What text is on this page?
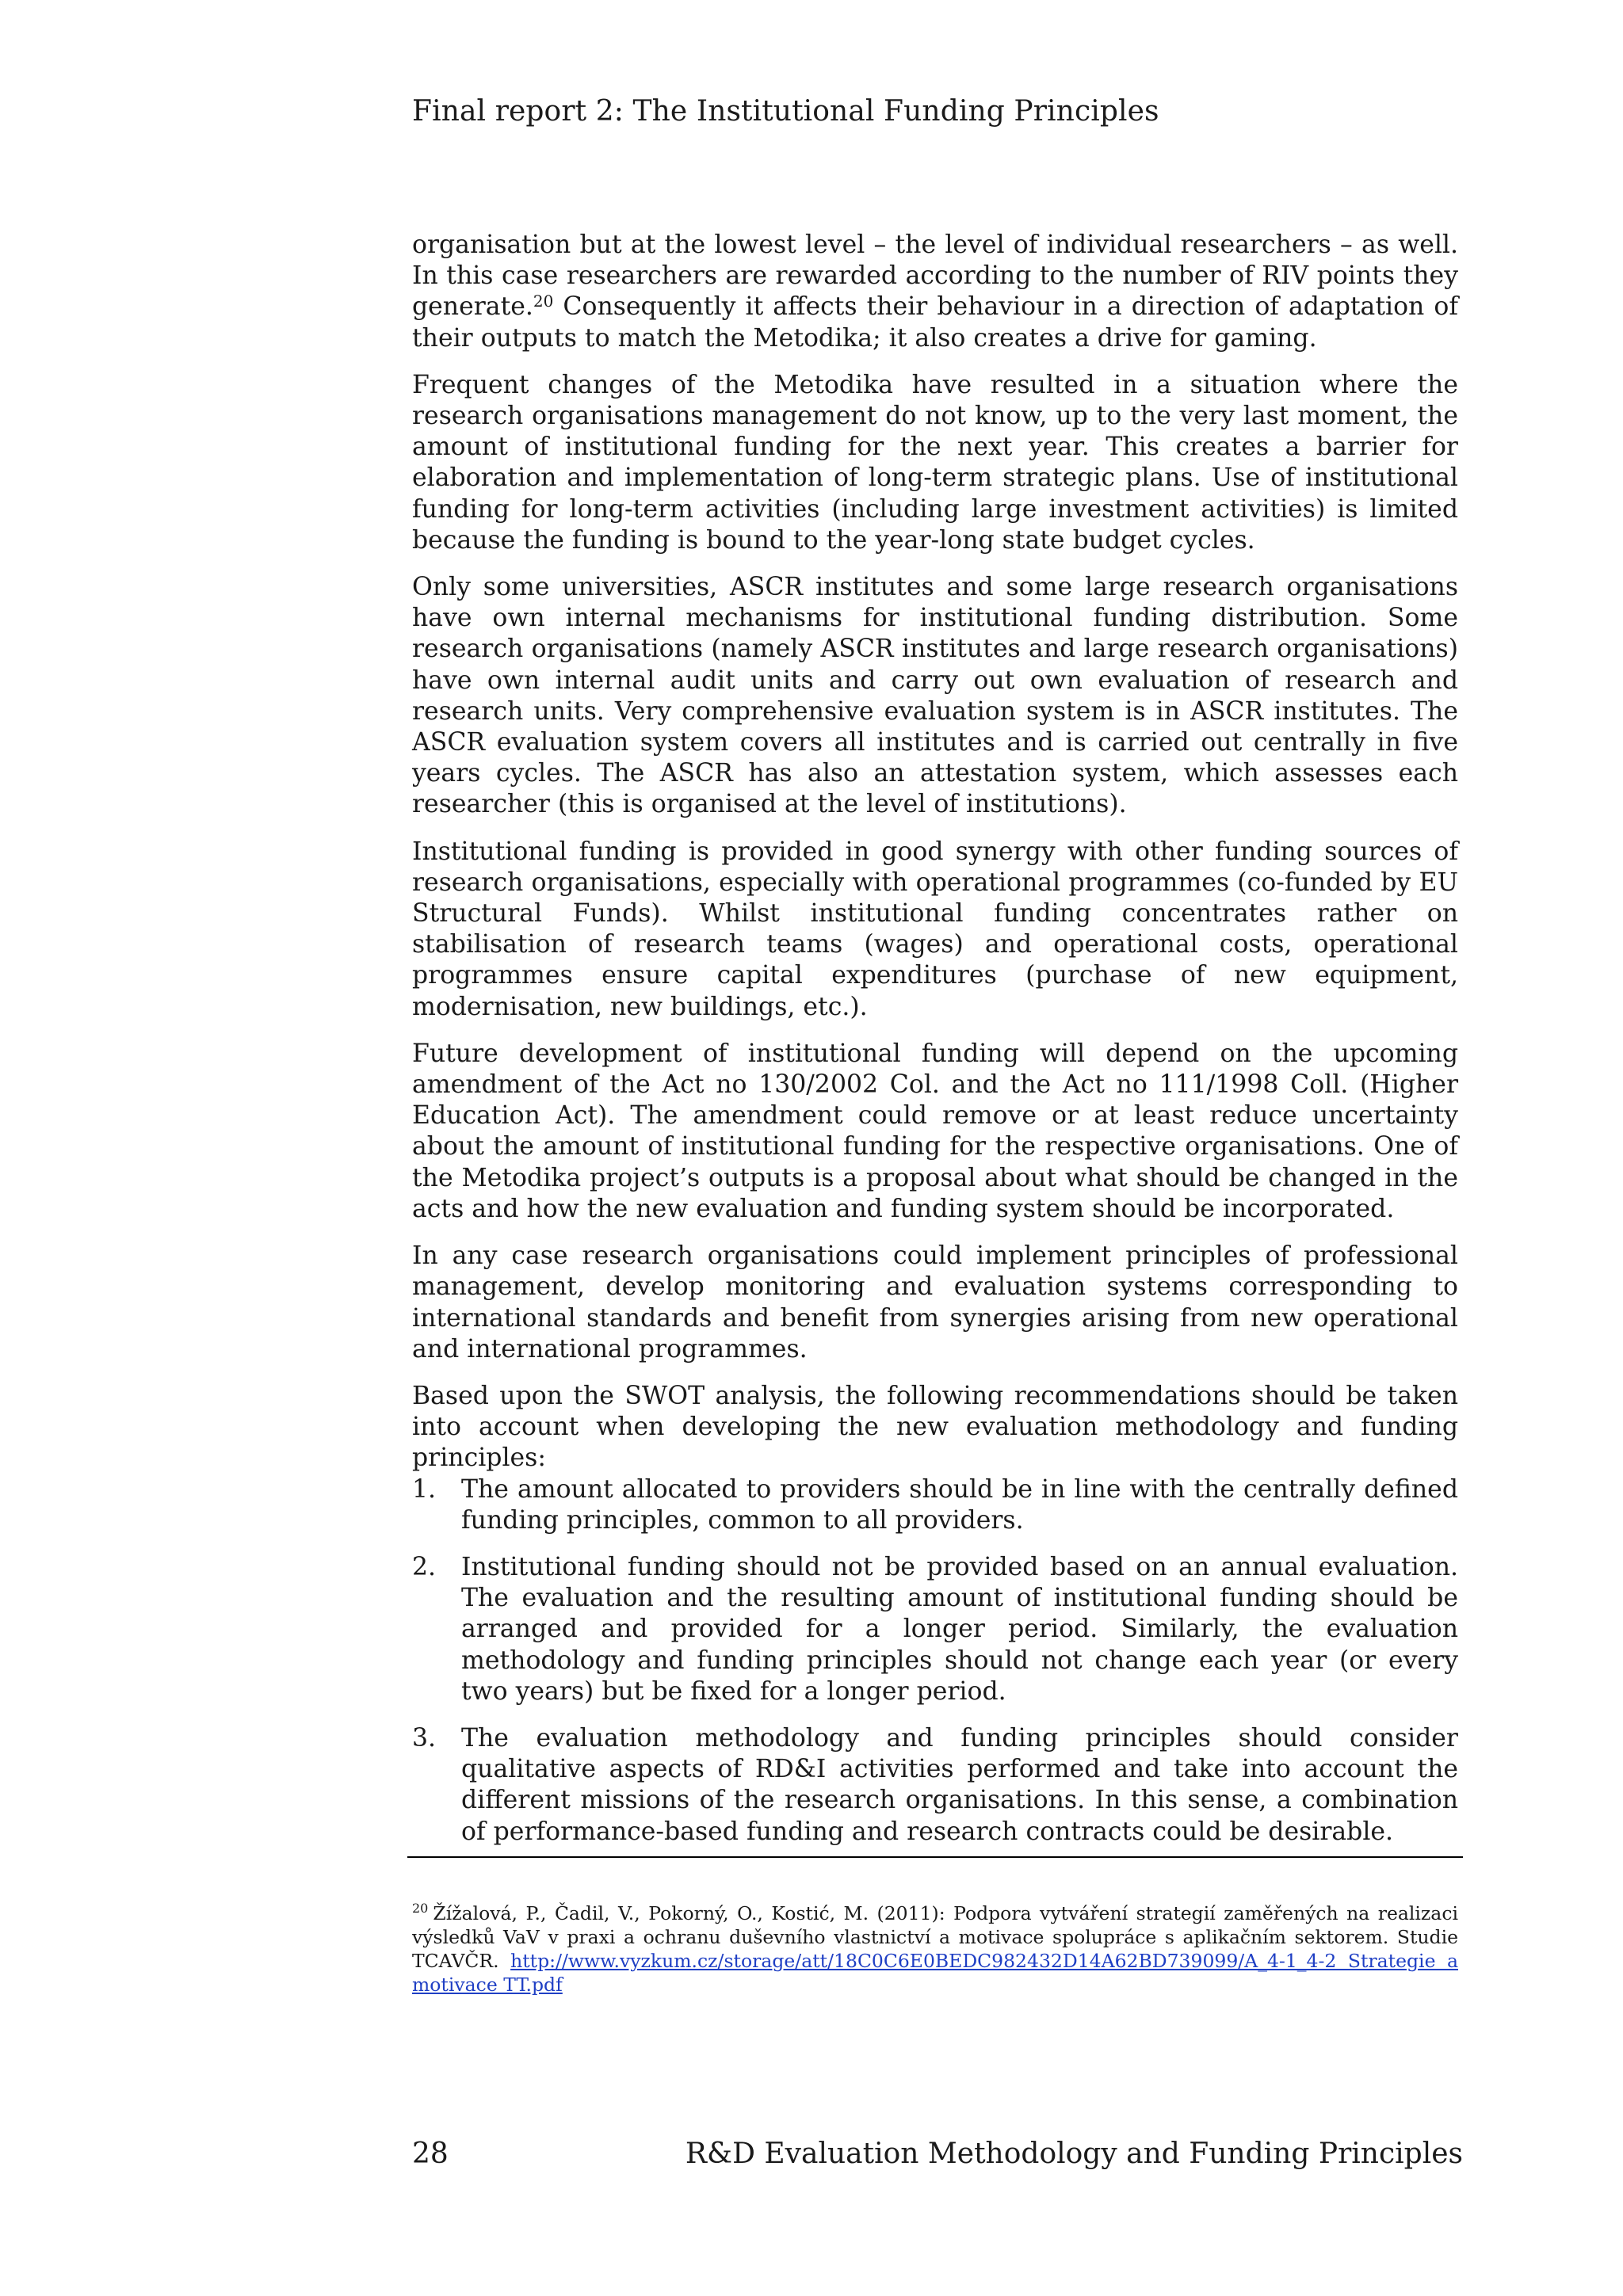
Final report 2: The Institutional Funding Principles

organisation but at the lowest level – the level of individual researchers – as well. In this case researchers are rewarded according to the number of RIV points they generate.$^{20}$ Consequently it affects their behaviour in a direction of adaptation of their outputs to match the Metodika; it also creates a drive for gaming.

Frequent changes of the Metodika have resulted in a situation where the research organisations management do not know, up to the very last moment, the amount of institutional funding for the next year. This creates a barrier for elaboration and implementation of long-term strategic plans. Use of institutional funding for long-term activities (including large investment activities) is limited because the funding is bound to the year-long state budget cycles.

Only some universities, ASCR institutes and some large research organisations have own internal mechanisms for institutional funding distribution. Some research organisations (namely ASCR institutes and large research organisations) have own internal audit units and carry out own evaluation of research and research units. Very comprehensive evaluation system is in ASCR institutes. The ASCR evaluation system covers all institutes and is carried out centrally in five years cycles. The ASCR has also an attestation system, which assesses each researcher (this is organised at the level of institutions).

Institutional funding is provided in good synergy with other funding sources of research organisations, especially with operational programmes (co-funded by EU Structural Funds). Whilst institutional funding concentrates rather on stabilisation of research teams (wages) and operational costs, operational programmes ensure capital expenditures (purchase of new equipment, modernisation, new buildings, etc.).

Future development of institutional funding will depend on the upcoming amendment of the Act no 130/2002 Col. and the Act no 111/1998 Coll. (Higher Education Act). The amendment could remove or at least reduce uncertainty about the amount of institutional funding for the respective organisations. One of the Metodika project’s outputs is a proposal about what should be changed in the acts and how the new evaluation and funding system should be incorporated.

In any case research organisations could implement principles of professional management, develop monitoring and evaluation systems corresponding to international standards and benefit from synergies arising from new operational and international programmes.

Based upon the SWOT analysis, the following recommendations should be taken into account when developing the new evaluation methodology and funding principles:

1. The amount allocated to providers should be in line with the centrally defined funding principles, common to all providers.
2. Institutional funding should not be provided based on an annual evaluation. The evaluation and the resulting amount of institutional funding should be arranged and provided for a longer period. Similarly, the evaluation methodology and funding principles should not change each year (or every two years) but be fixed for a longer period.
3. The evaluation methodology and funding principles should consider qualitative aspects of RD&I activities performed and take into account the different missions of the research organisations. In this sense, a combination of performance-based funding and research contracts could be desirable.
$^{20}$ Žížalová, P., Čadil, V., Pokorný, O., Kostić, M. (2011): Podpora vytváření strategií zaměřených na realizaci výsledků VaV v praxi a ochranu duševního vlastnictví a motivace spolupráce s aplikačním sektorem. Studie TCAVČR. http://www.vyzkum.cz/storage/att/18C0C6E0BEDC982432D14A62BD739099/A_4-1_4-2 Strategie a motivace TT.pdf
28	R&D Evaluation Methodology and Funding Principles
